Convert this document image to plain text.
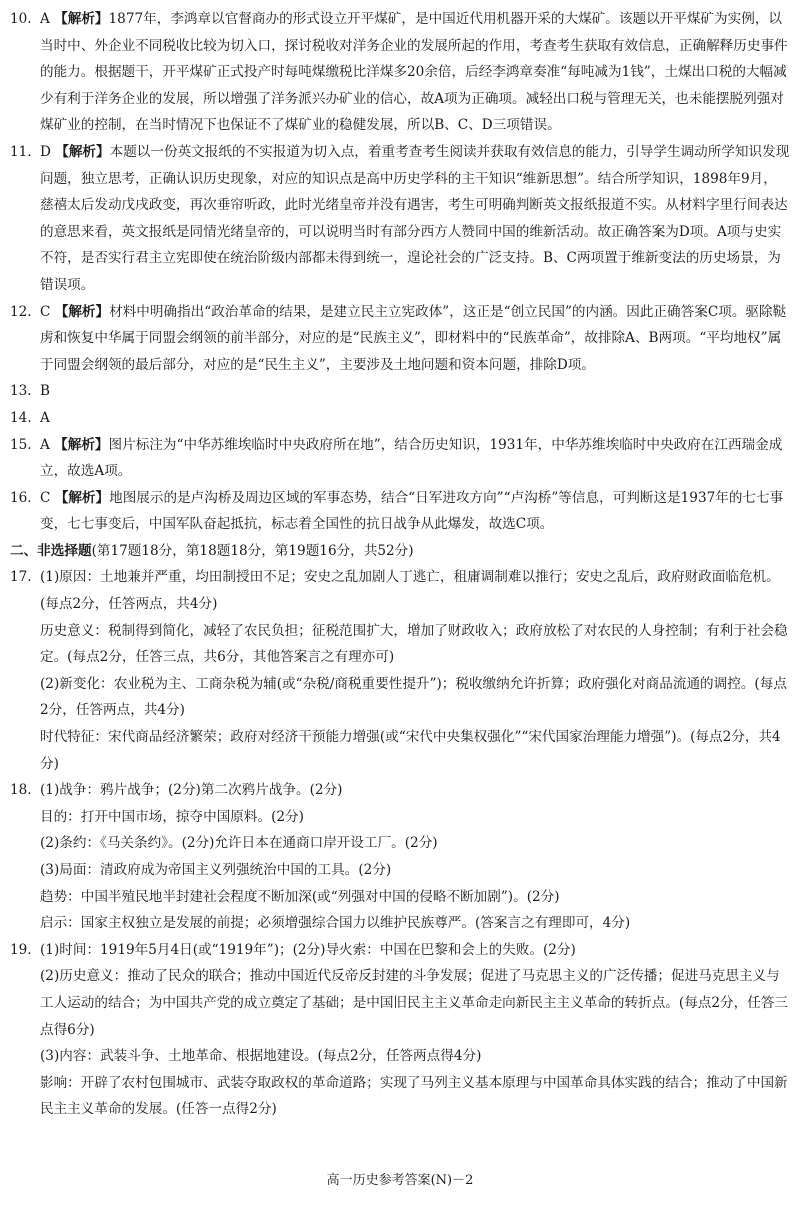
10. A 【解析】1877年，李鸿章以官督商办的形式设立开平煤矿，是中国近代用机器开采的大煤矿。该题以开平煤矿为实例，以当时中、外企业不同税收比较为切入口，探讨税收对洋务企业的发展所起的作用，考查考生获取有效信息，正确解释历史事件的能力。根据题干，开平煤矿正式投产时每吨煤缴税比洋煤多20余倍，后经李鸿章奏准“每吨减为1钱”，土煤出口税的大幅减少有利于洋务企业的发展，所以增强了洋务派兴办矿业的信心，故A项为正确项。减轻出口税与管理无关，也未能摆脱列强对煤矿业的控制，在当时情况下也保证不了煤矿业的稳健发展，所以B、C、D三项错误。
11. D 【解析】本题以一份英文报纸的不实报道为切入点，着重考查考生阅读并获取有效信息的能力，引导学生调动所学知识发现问题，独立思考，正确认识历史现象，对应的知识点是高中历史学科的主干知识“维新思想”。结合所学知识，1898年9月，慈禧太后发动戊戌政变，再次垂帘听政，此时光绪皇帝并没有遇害，考生可明确判断英文报纸报道不实。从材料字里行间表达的意思来看，英文报纸是同情光绪皇帝的，可以说明当时有部分西方人赞同中国的维新活动。故正确答案为D项。A项与史实不符，是否实行君主立宪即使在统治阶级内部都未得到统一，遑论社会的广泛支持。B、C两项置于维新变法的历史场景，为错误项。
12. C 【解析】材料中明确指出“政治革命的结果，是建立民主立宪政体”，这正是“创立民国”的内涵。因此正确答案C项。驱除鞑虏和恢复中华属于同盟会纲领的前半部分，对应的是“民族主义”，即材料中的“民族革命”，故排除A、B两项。“平均地权”属于同盟会纲领的最后部分，对应的是“民生主义”，主要涉及土地问题和资本问题，排除D项。
13. B
14. A
15. A 【解析】图片标注为“中华苏维埃临时中央政府所在地”，结合历史知识，1931年，中华苏维埃临时中央政府在江西瑞金成立，故选A项。
16. C 【解析】地图展示的是卢沟桥及周边区域的军事态势，结合“日军进攻方向”“卢沟桥”等信息，可判断这是1937年的七七事变，七七事变后，中国军队奋起抵抗，标志着全国性的抗日战争从此爆发，故选C项。
二、非选择题(第17题18分，第18题18分，第19题16分，共52分)
17. (1)原因：土地兼并严重，均田制授田不足；安史之乱加剧人丁逃亡，租庸调制难以推行；安史之乱后，政府财政面临危机。(每点2分，任答两点，共4分)
历史意义：税制得到简化，减轻了农民负担；征税范围扩大，增加了财政收入；政府放松了对农民的人身控制；有利于社会稳定。(每点2分，任答三点，共6分，其他答案言之有理亦可)
(2)新变化：农业税为主、工商杂税为辅(或“杂税/商税重要性提升”)；税收缴纳允许折算；政府强化对商品流通的调控。(每点2分，任答两点，共4分)
时代特征：宋代商品经济繁荣；政府对经济干预能力增强(或“宋代中央集权强化”“宋代国家治理能力增强”)。(每点2分，共4分)
18. (1)战争：鸦片战争；(2分)第二次鸦片战争。(2分)
目的：打开中国市场，掠夺中国原料。(2分)
(2)条约：《马关条约》。(2分)允许日本在通商口岸开设工厂。(2分)
(3)局面：清政府成为帝国主义列强统治中国的工具。(2分)
趋势：中国半殖民地半封建社会程度不断加深(或“列强对中国的侵略不断加剧”)。(2分)
启示：国家主权独立是发展的前提；必须增强综合国力以维护民族尊严。(答案言之有理即可，4分)
19. (1)时间：1919年5月4日(或“1919年”)；(2分)导火索：中国在巴黎和会上的失败。(2分)
(2)历史意义：推动了民众的联合；推动中国近代反帝反封建的斗争发展；促进了马克思主义的广泛传播；促进马克思主义与工人运动的结合；为中国共产党的成立奠定了基础；是中国旧民主主义革命走向新民主主义革命的转折点。(每点2分，任答三点得6分)
(3)内容：武装斗争、土地革命、根据地建设。(每点2分，任答两点得4分)
影响：开辟了农村包围城市、武装夺取政权的革命道路；实现了马列主义基本原理与中国革命具体实践的结合；推动了中国新民主主义革命的发展。(任答一点得2分)
高一历史参考答案(N)－2
